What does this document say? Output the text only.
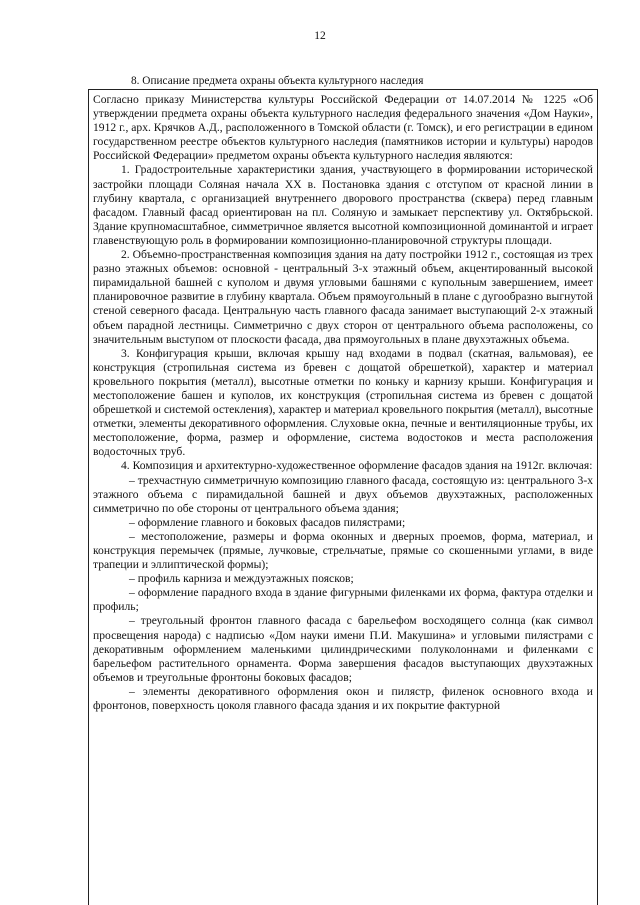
12
8. Описание предмета охраны объекта культурного наследия

Согласно приказу Министерства культуры Российской Федерации от 14.07.2014 № 1225 «Об утверждении предмета охраны объекта культурного наследия федерального значения «Дом Науки», 1912 г., арх. Крячков А.Д., расположенного в Томской области (г. Томск), и его регистрации в едином государственном реестре объектов культурного наследия (памятников истории и культуры) народов Российской Федерации» предметом охраны объекта культурного наследия являются:

1. Градостроительные характеристики здания, участвующего в формировании исторической застройки площади Соляная начала XX в. Постановка здания с отступом от красной линии в глубину квартала, с организацией внутреннего дворового пространства (сквера) перед главным фасадом. Главный фасад ориентирован на пл. Соляную и замыкает перспективу ул. Октябрьской. Здание крупномасштабное, симметричное является высотной композиционной доминантой и играет главенствующую роль в формировании композиционно-планировочной структуры площади.

2. Объемно-пространственная композиция здания на дату постройки 1912 г., состоящая из трех разно этажных объемов: основной - центральный 3-х этажный объем, акцентированный высокой пирамидальной башней с куполом и двумя угловыми башнями с купольным завершением, имеет планировочное развитие в глубину квартала. Объем прямоугольный в плане с дугообразно выгнутой стеной северного фасада. Центральную часть главного фасада занимает выступающий 2-х этажный объем парадной лестницы. Симметрично с двух сторон от центрального объема расположены, со значительным выступом от плоскости фасада, два прямоугольных в плане двухэтажных объема.

3. Конфигурация крыши, включая крышу над входами в подвал (скатная, вальмовая), ее конструкция (стропильная система из бревен с дощатой обрешеткой), характер и материал кровельного покрытия (металл), высотные отметки по коньку и карнизу крыши. Конфигурация и местоположение башен и куполов, их конструкция (стропильная система из бревен с дощатой обрешеткой и системой остекления), характер и материал кровельного покрытия (металл), высотные отметки, элементы декоративного оформления. Слуховые окна, печные и вентиляционные трубы, их местоположение, форма, размер и оформление, система водостоков и места расположения водосточных труб.

4. Композиция и архитектурно-художественное оформление фасадов здания на 1912г. включая:

– трехчастную симметричную композицию главного фасада, состоящую из: центрального 3-х этажного объема с пирамидальной башней и двух объемов двухэтажных, расположенных симметрично по обе стороны от центрального объема здания;

– оформление главного и боковых фасадов пилястрами;

– местоположение, размеры и форма оконных и дверных проемов, форма, материал, и конструкция перемычек (прямые, лучковые, стрельчатые, прямые со скошенными углами, в виде трапеции и эллиптической формы);

– профиль карниза и междуэтажных поясков;

– оформление парадного входа в здание фигурными филенками их форма, фактура отделки и профиль;

– треугольный фронтон главного фасада с барельефом восходящего солнца (как символ просвещения народа) с надписью «Дом науки имени П.И. Макушина» и угловыми пилястрами с декоративным оформлением маленькими цилиндрическими полуколоннами и филенками с барельефом растительного орнамента. Форма завершения фасадов выступающих двухэтажных объемов и треугольные фронтоны боковых фасадов;

– элементы декоративного оформления окон и пилястр, филенок основного входа и фронтонов, поверхность цоколя главного фасада здания и их покрытие фактурной
